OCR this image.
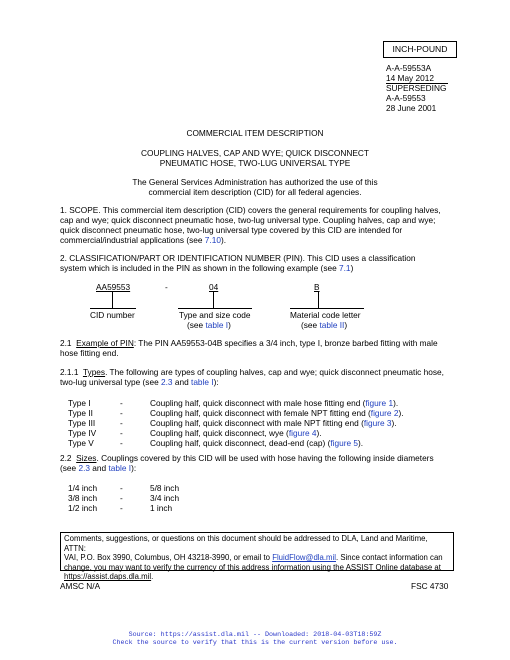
INCH-POUND
A-A-59553A
14 May 2012
SUPERSEDING
A-A-59553
28 June 2001
COMMERCIAL ITEM DESCRIPTION
COUPLING HALVES, CAP AND WYE; QUICK DISCONNECT
PNEUMATIC HOSE, TWO-LUG UNIVERSAL TYPE
The General Services Administration has authorized the use of this
commercial item description (CID) for all federal agencies.
1. SCOPE. This commercial item description (CID) covers the general requirements for coupling halves,
cap and wye; quick disconnect pneumatic hose, two-lug universal type. Coupling halves, cap and wye;
quick disconnect pneumatic hose, two-lug universal type covered by this CID are intended for
commercial/industrial applications (see 7.10).
2. CLASSIFICATION/PART OR IDENTIFICATION NUMBER (PIN). This CID uses a classification
system which is included in the PIN as shown in the following example (see 7.1)
AA59553	-	04	B
CID number	Type and size code
(see table I)
Material code letter
(see table II)
2.1 Example of PIN: The PIN AA59553-04B specifies a 3/4 inch, type I, bronze barbed fitting with male
hose fitting end.
2.1.1 Types. The following are types of coupling halves, cap and wye; quick disconnect pneumatic hose,
two-lug universal type (see 2.3 and table I):
Type I	-	Coupling half, quick disconnect with male hose fitting end (figure 1).
Type II	-	Coupling half, quick disconnect with female NPT fitting end (figure 2).
Type III	-	Coupling half, quick disconnect with male NPT fitting end (figure 3).
Type IV	-	Coupling half, quick disconnect, wye (figure 4).
Type V	-	Coupling half, quick disconnect, dead-end (cap) (figure 5).
2.2 Sizes. Couplings covered by this CID will be used with hose having the following inside diameters
(see 2.3 and table I):
1/4 inch	-	5/8 inch
3/8 inch	-	3/4 inch
1/2 inch	-	1 inch
Comments, suggestions, or questions on this document should be addressed to DLA, Land and Maritime, ATTN:
VAI, P.O. Box 3990, Columbus, OH 43218-3990, or email to FluidFlow@dla.mil. Since contact information can
change, you may want to verify the currency of this address information using the ASSIST Online database at
https://assist.daps.dla.mil.
AMSC N/A	FSC 4730
Source: https://assist.dla.mil -- Downloaded: 2018-04-03T18:59Z
Check the source to verify that this is the current version before use.
